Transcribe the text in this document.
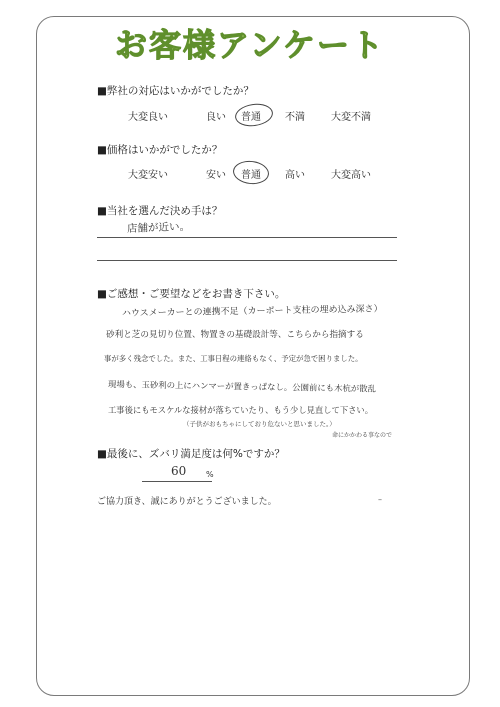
お客様アンケート
■弊社の対応はいかがでしたか？
大変良い	良い 普通 不満	大変不満
■価格はいかがでしたか？
大変安い	安い 普通 高い	大変高い
■当社を選んだ決め手は？
店舗が近い。
■ご感想・ご要望などをお書き下さい。
ハウスメーカーとの連携不足（カーポート支柱の埋め込み深さ）
砂利と芝の見切り位置、物置きの基礎設計等、こちらから指摘する
事が多く残念でした。また、工事日程の連絡もなく、予定が急で困りました。
現場も、玉砂利の上にハンマーが置きっぱなし。公園前にも木杭が散乱
工事後にもモスケルな接材が落ちていたり、もう少し見直して下さい。
（子供がおもちゃにしており危ないと思いました。）
命にかかわる事なので
■最後に、ズバリ満足度は何%ですか？
60 %
ご協力頂き、誠にありがとうございました。	–
